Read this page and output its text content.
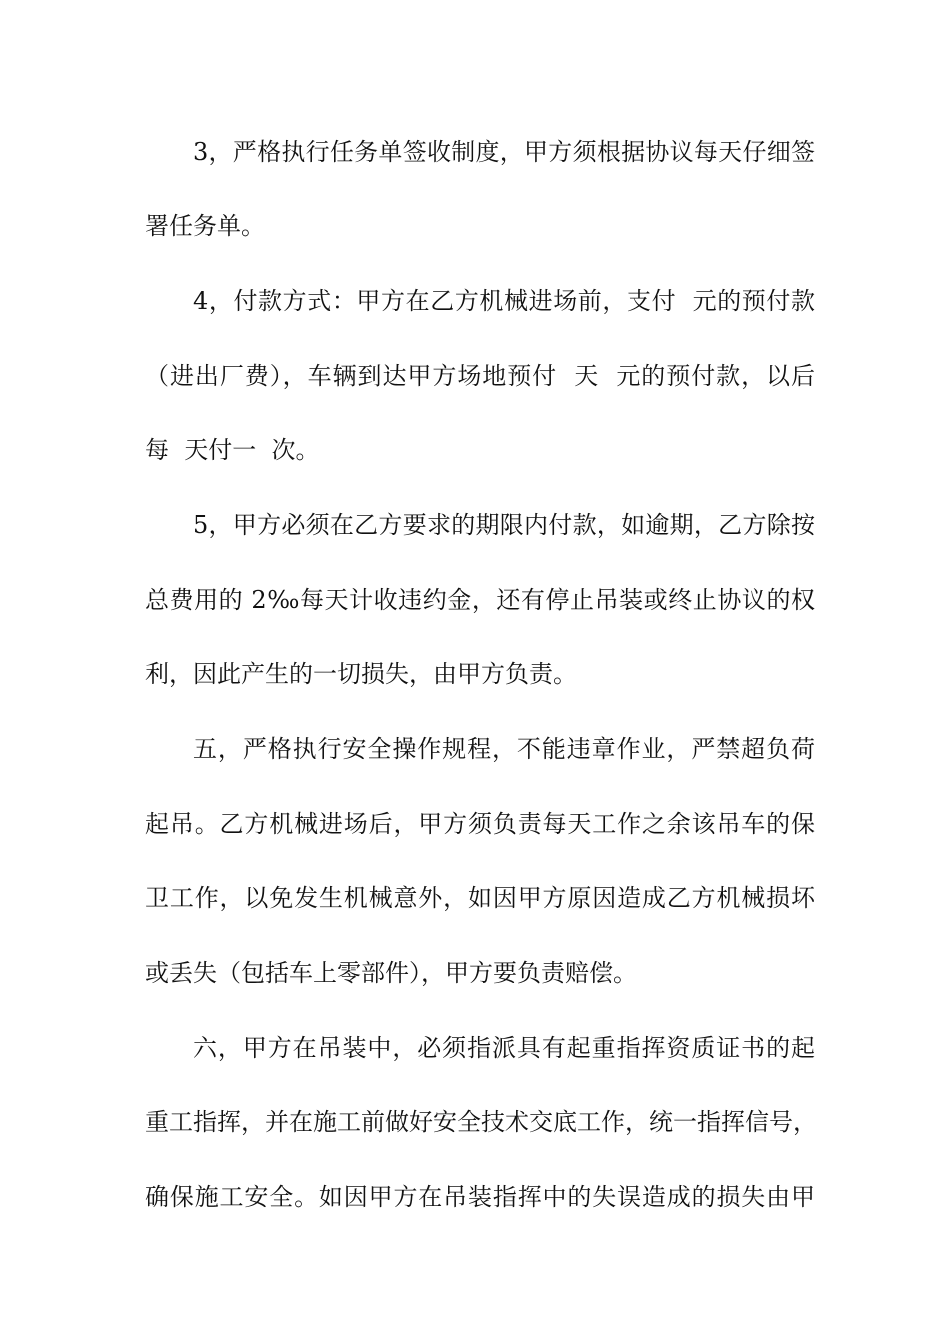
3，严格执行任务单签收制度，甲方须根据协议每天仔细签
署任务单。
4，付款方式：甲方在乙方机械进场前，支付  元的预付款
（进出厂费），车辆到达甲方场地预付  天  元的预付款，以后
每  天付一  次。
5，甲方必须在乙方要求的期限内付款，如逾期，乙方除按
总费用的 2‰每天计收违约金，还有停止吊装或终止协议的权
利，因此产生的一切损失，由甲方负责。
五，严格执行安全操作规程，不能违章作业，严禁超负荷
起吊。乙方机械进场后，甲方须负责每天工作之余该吊车的保
卫工作，以免发生机械意外，如因甲方原因造成乙方机械损坏
或丢失（包括车上零部件），甲方要负责赔偿。
六，甲方在吊装中，必须指派具有起重指挥资质证书的起
重工指挥，并在施工前做好安全技术交底工作，统一指挥信号，
确保施工安全。如因甲方在吊装指挥中的失误造成的损失由甲
